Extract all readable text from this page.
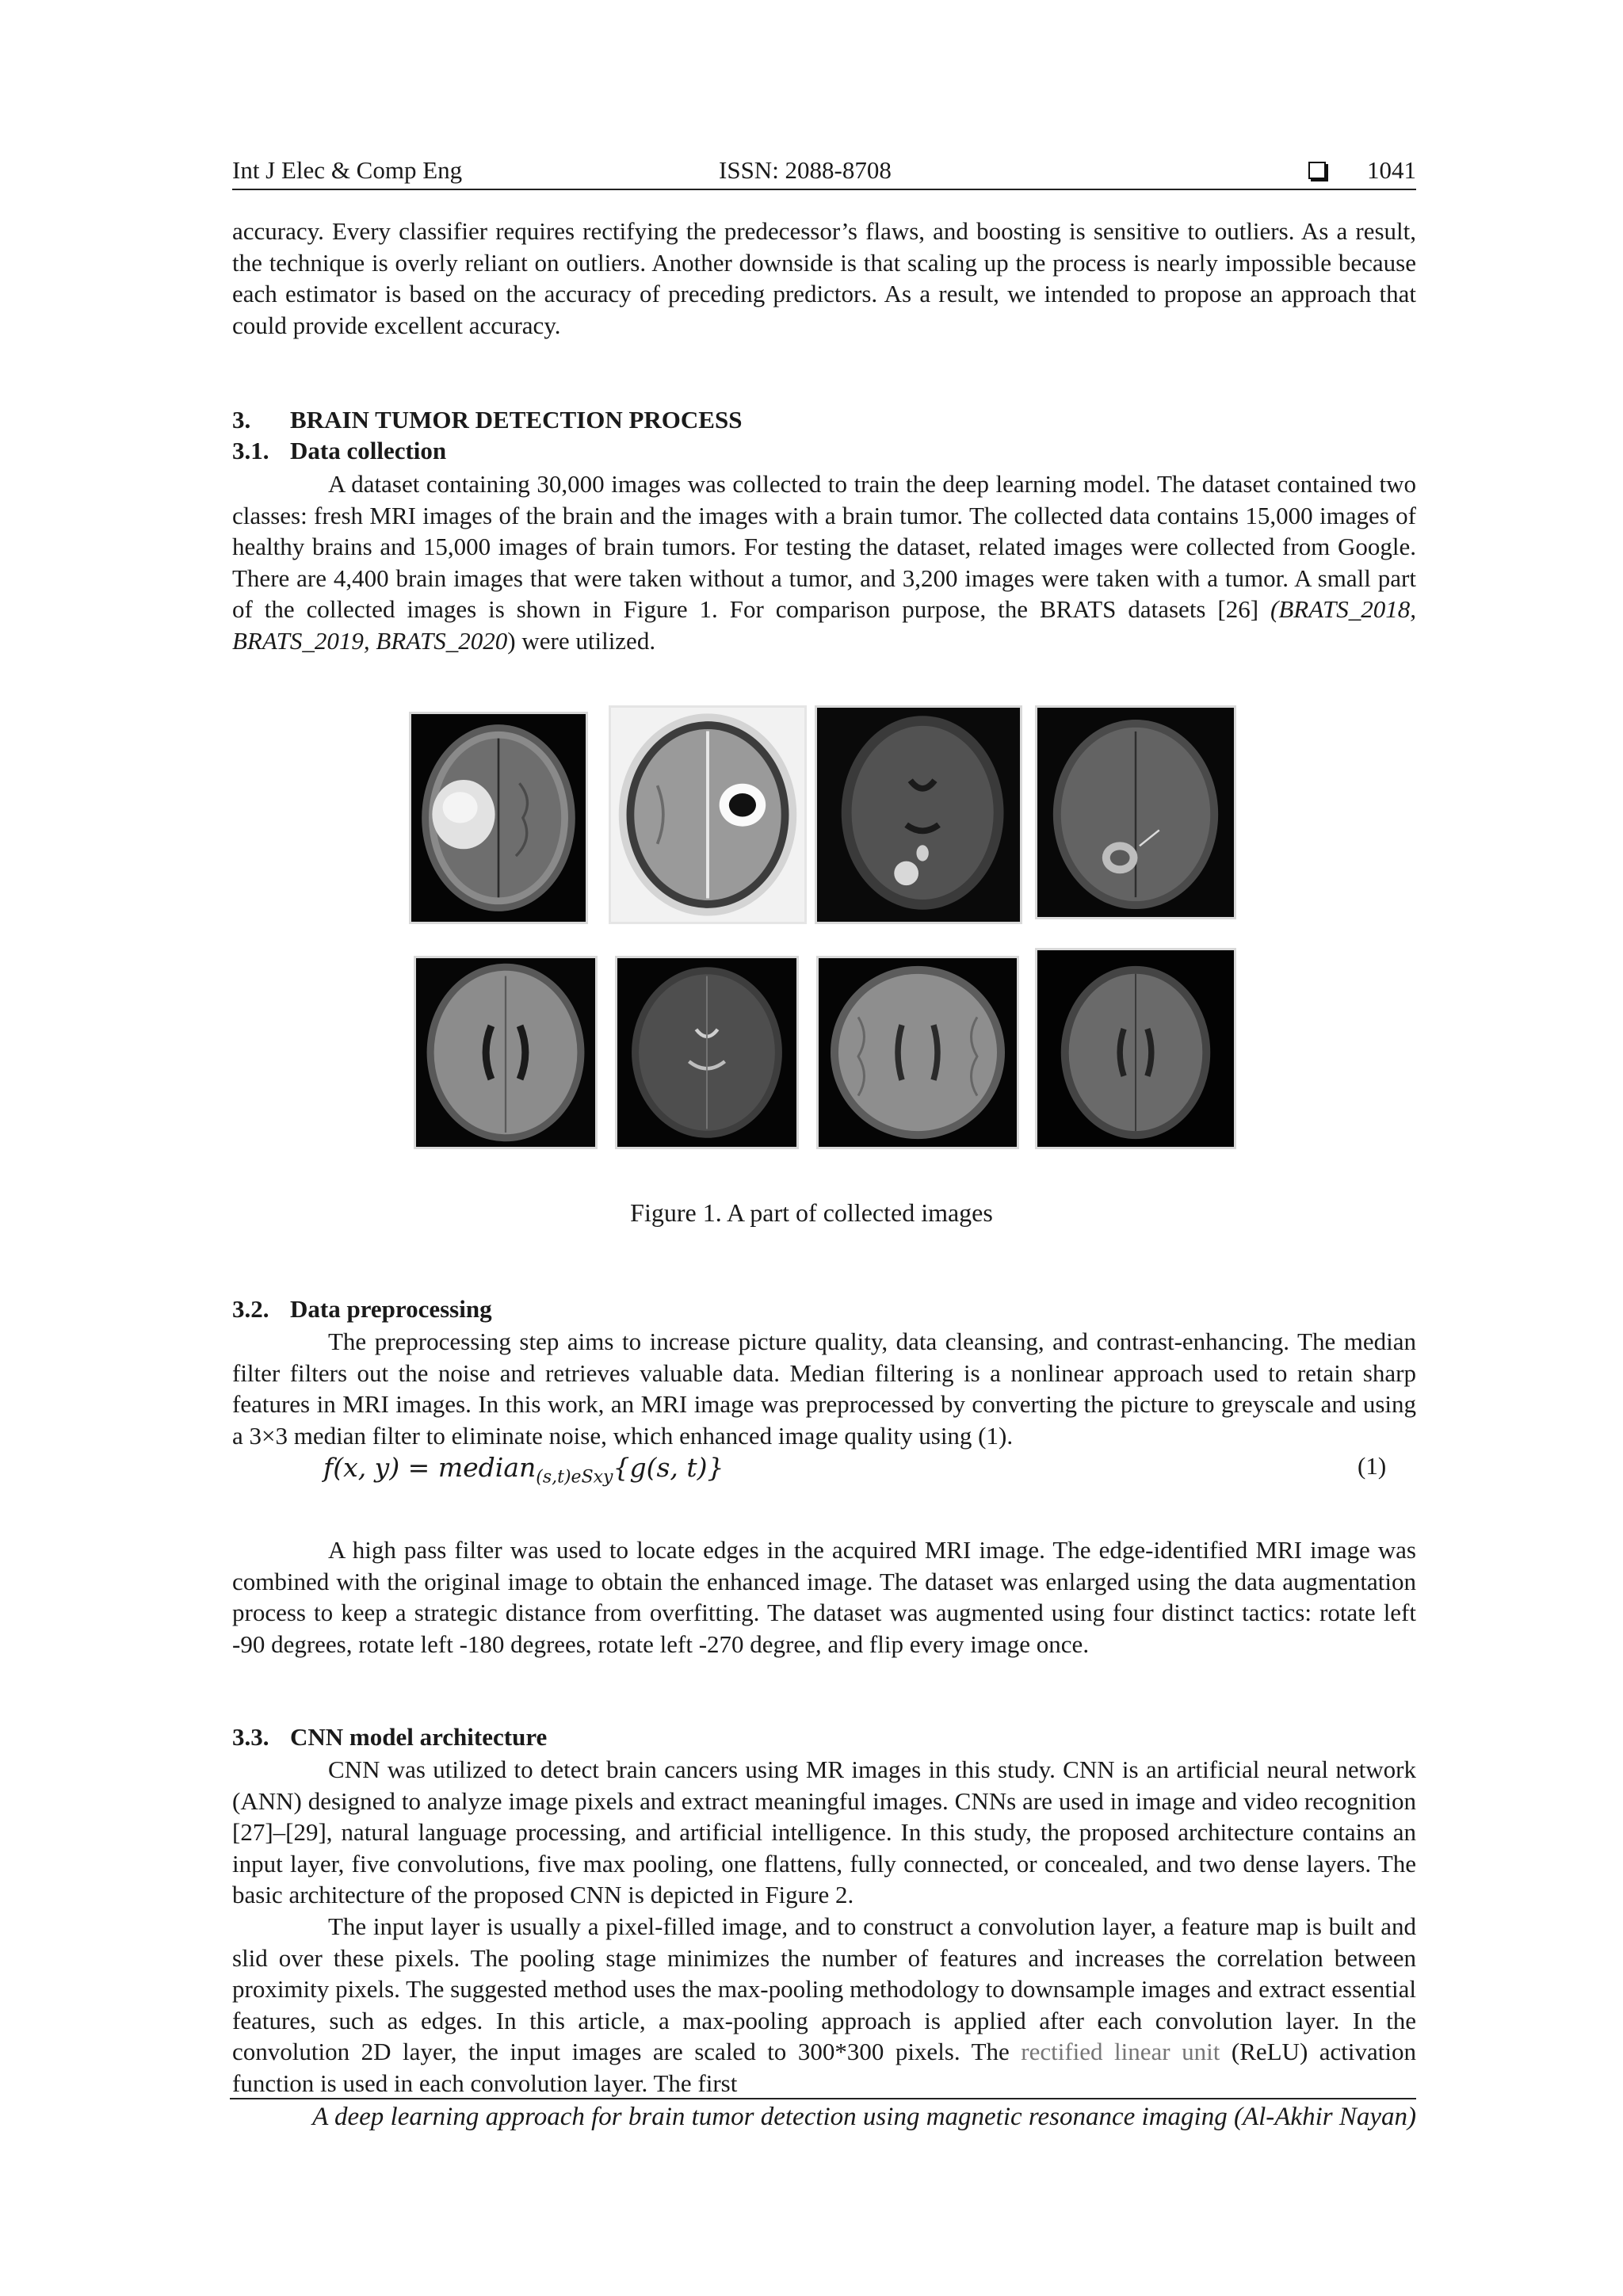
Int J Elec & Comp Eng	ISSN: 2088-8708	1041

accuracy. Every classifier requires rectifying the predecessor’s flaws, and boosting is sensitive to outliers. As a result, the technique is overly reliant on outliers. Another downside is that scaling up the process is nearly impossible because each estimator is based on the accuracy of preceding predictors. As a result, we intended to propose an approach that could provide excellent accuracy.

3. BRAIN TUMOR DETECTION PROCESS
3.1. Data collection

A dataset containing 30,000 images was collected to train the deep learning model. The dataset contained two classes: fresh MRI images of the brain and the images with a brain tumor. The collected data contains 15,000 images of healthy brains and 15,000 images of brain tumors. For testing the dataset, related images were collected from Google. There are 4,400 brain images that were taken without a tumor, and 3,200 images were taken with a tumor. A small part of the collected images is shown in Figure 1. For comparison purpose, the BRATS datasets [26] (BRATS_2018, BRATS_2019, BRATS_2020) were utilized.

Figure 1. A part of collected images
3.2. Data preprocessing

The preprocessing step aims to increase picture quality, data cleansing, and contrast-enhancing. The median filter filters out the noise and retrieves valuable data. Median filtering is a nonlinear approach used to retain sharp features in MRI images. In this work, an MRI image was preprocessed by converting the picture to greyscale and using a 3×3 median filter to eliminate noise, which enhanced image quality using (1).

f(x, y) = median$_{(s,t)eSxy}${g(s, t)}	(1)

A high pass filter was used to locate edges in the acquired MRI image. The edge-identified MRI image was combined with the original image to obtain the enhanced image. The dataset was enlarged using the data augmentation process to keep a strategic distance from overfitting. The dataset was augmented using four distinct tactics: rotate left -90 degrees, rotate left -180 degrees, rotate left -270 degree, and flip every image once.

3.3. CNN model architecture

CNN was utilized to detect brain cancers using MR images in this study. CNN is an artificial neural network (ANN) designed to analyze image pixels and extract meaningful images. CNNs are used in image and video recognition [27]–[29], natural language processing, and artificial intelligence. In this study, the proposed architecture contains an input layer, five convolutions, five max pooling, one flattens, fully connected, or concealed, and two dense layers. The basic architecture of the proposed CNN is depicted in Figure 2.

The input layer is usually a pixel-filled image, and to construct a convolution layer, a feature map is built and slid over these pixels. The pooling stage minimizes the number of features and increases the correlation between proximity pixels. The suggested method uses the max-pooling methodology to downsample images and extract essential features, such as edges. In this article, a max-pooling approach is applied after each convolution layer. In the convolution 2D layer, the input images are scaled to 300*300 pixels. The rectified linear unit (ReLU) activation function is used in each convolution layer. The first

A deep learning approach for brain tumor detection using magnetic resonance imaging (Al-Akhir Nayan)
